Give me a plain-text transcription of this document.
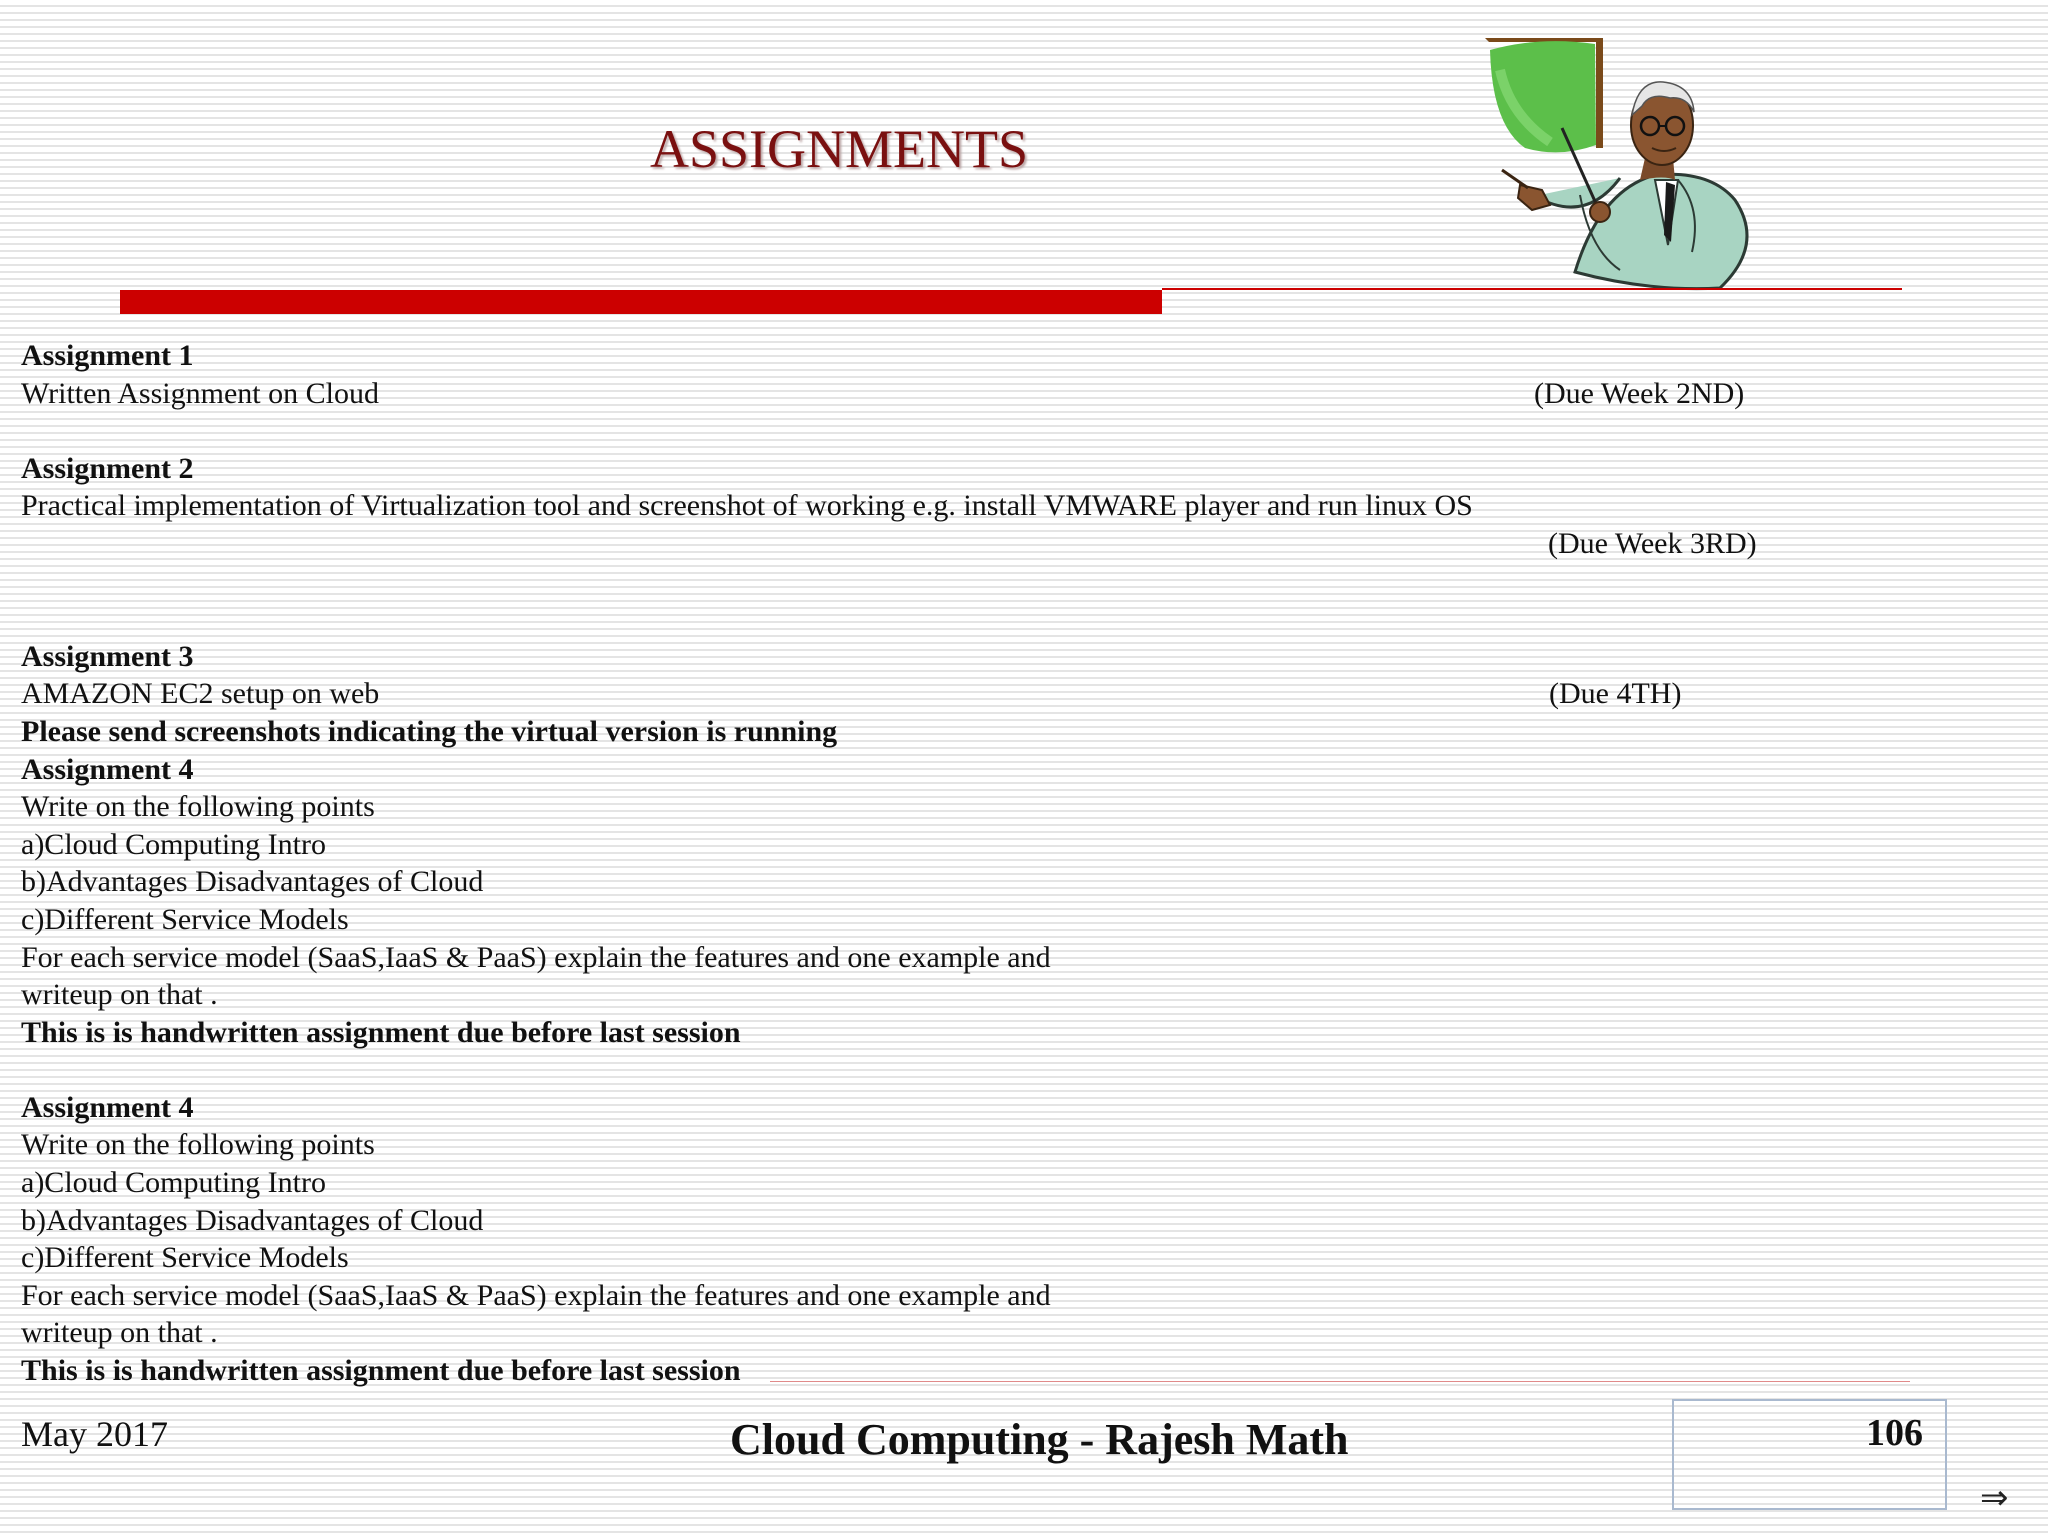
ASSIGNMENTS
Assignment 1
Written Assignment on Cloud	(Due Week 2ND)
Assignment 2
Practical implementation of Virtualization tool and screenshot of working e.g. install VMWARE player and run linux OS
(Due Week 3RD)
Assignment 3
AMAZON EC2 setup on web	(Due 4TH)
Please send screenshots indicating the virtual version is running
Assignment 4
Write on the following points
a)Cloud Computing Intro
b)Advantages Disadvantages of Cloud
c)Different Service Models
For each service model (SaaS,IaaS & PaaS) explain the features and one example and
writeup on that .
This is is handwritten assignment due before last session
Assignment 4
Write on the following points
a)Cloud Computing Intro
b)Advantages Disadvantages of Cloud
c)Different Service Models
For each service model (SaaS,IaaS & PaaS) explain the features and one example and
writeup on that .
This is is handwritten assignment due before last session
May 2017	Cloud Computing - Rajesh Math	106
⇒
